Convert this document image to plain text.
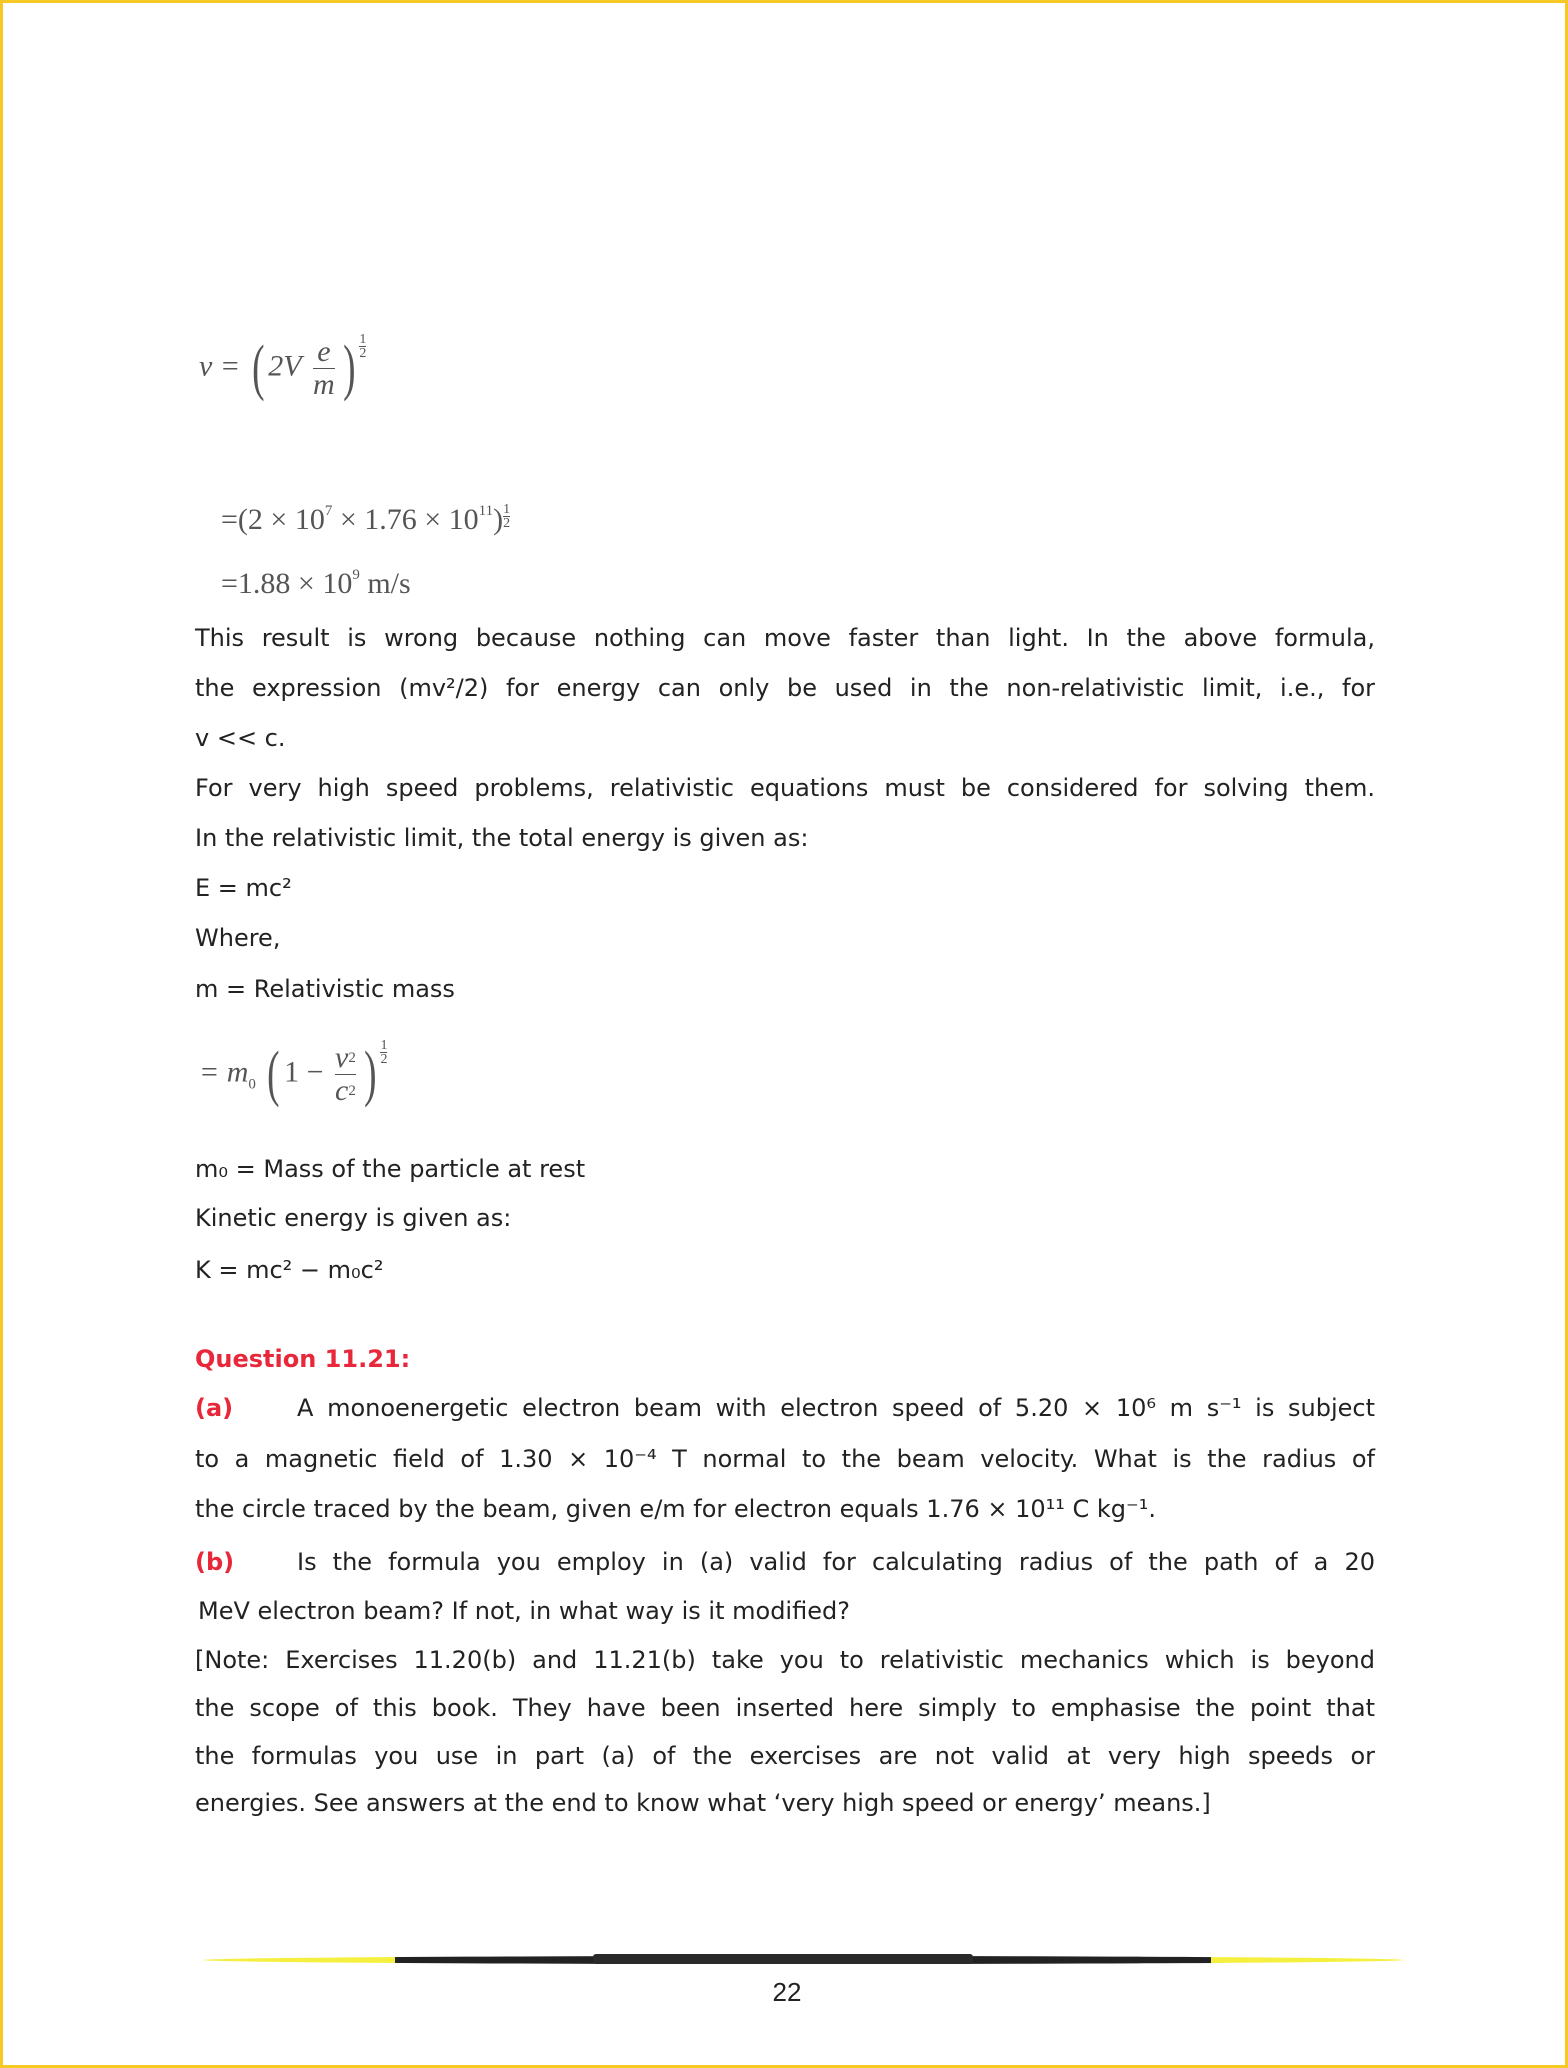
v = ( $2V \frac{e}{m}$ ) $\frac{1}{2}$
$=(2 \times 10^7 \times 1.76 \times 10^{11}) \frac{1}{2}$
$=1.88 \times 10^9$ m/s
This result is wrong because nothing can move faster than light. In the above formula,
the expression (mv²/2) for energy can only be used in the non-relativistic limit, i.e., for
v << c.
For very high speed problems, relativistic equations must be considered for solving them.
In the relativistic limit, the total energy is given as:
E = mc²
Where,
m = Relativistic mass
= $m_0$ ( $1 - \frac{v^2}{c^2}$ ) $\frac{1}{2}$
m₀ = Mass of the particle at rest
Kinetic energy is given as:
K = mc² − m₀c²
Question 11.21:
(a)	A monoenergetic electron beam with electron speed of 5.20 × 10⁶ m s⁻¹ is subject
to a magnetic field of 1.30 × 10⁻⁴ T normal to the beam velocity. What is the radius of
the circle traced by the beam, given e/m for electron equals 1.76 × 10¹¹ C kg⁻¹.
(b)	Is the formula you employ in (a) valid for calculating radius of the path of a 20
MeV electron beam? If not, in what way is it modified?
[Note: Exercises 11.20(b) and 11.21(b) take you to relativistic mechanics which is beyond
the scope of this book. They have been inserted here simply to emphasise the point that
the formulas you use in part (a) of the exercises are not valid at very high speeds or
energies. See answers at the end to know what ‘very high speed or energy’ means.]
22
